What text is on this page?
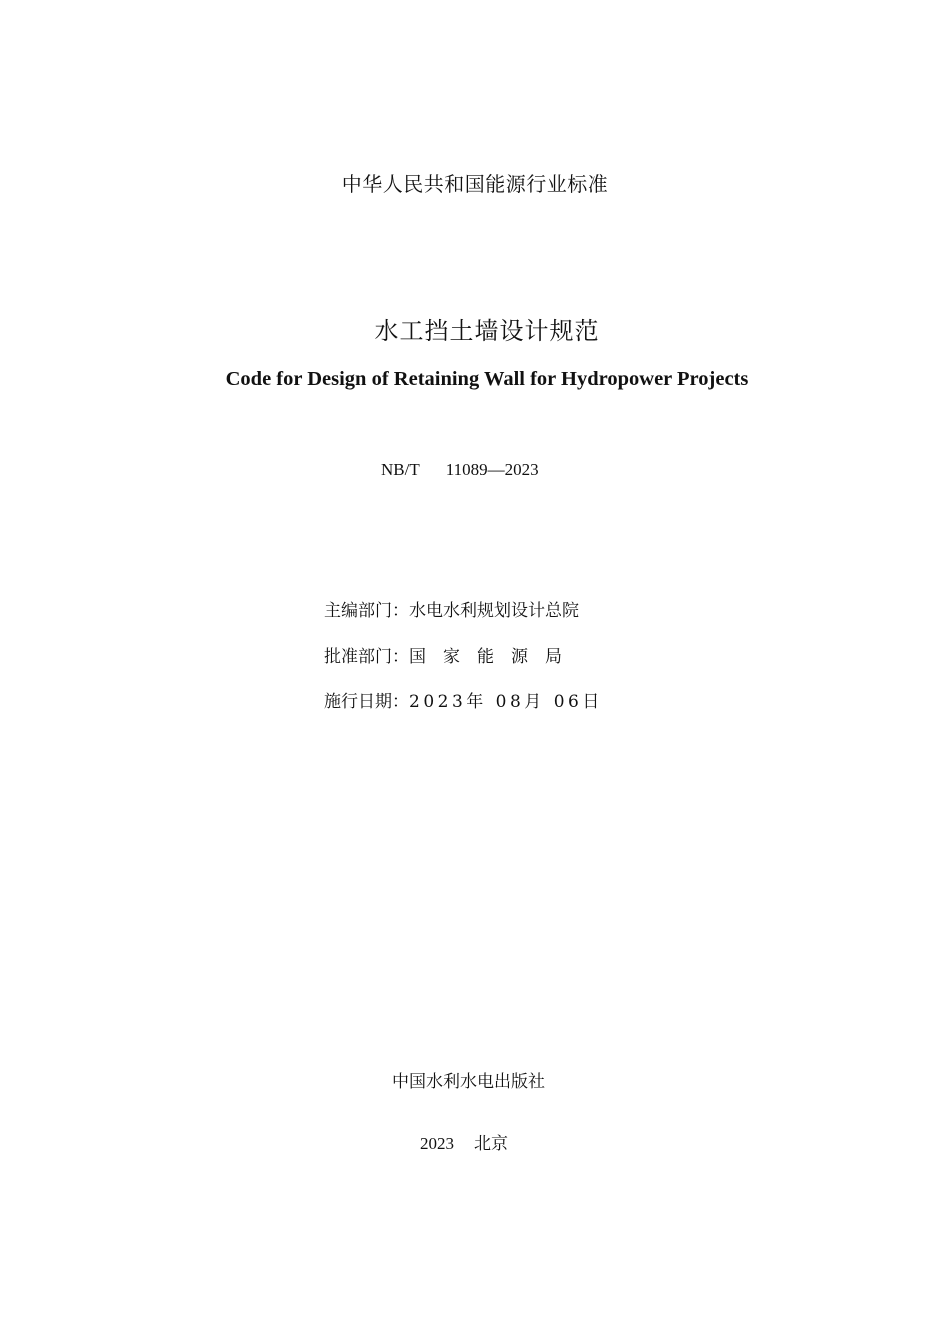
中华人民共和国能源行业标准
水工挡土墙设计规范
Code for Design of Retaining Wall for Hydropower Projects
NB/T 11089—2023
主编部门： 水电水利规划设计总院
批准部门： 国家能源局
施行日期： 2023年 08月 06日
中国水利水电出版社
2023 北京
